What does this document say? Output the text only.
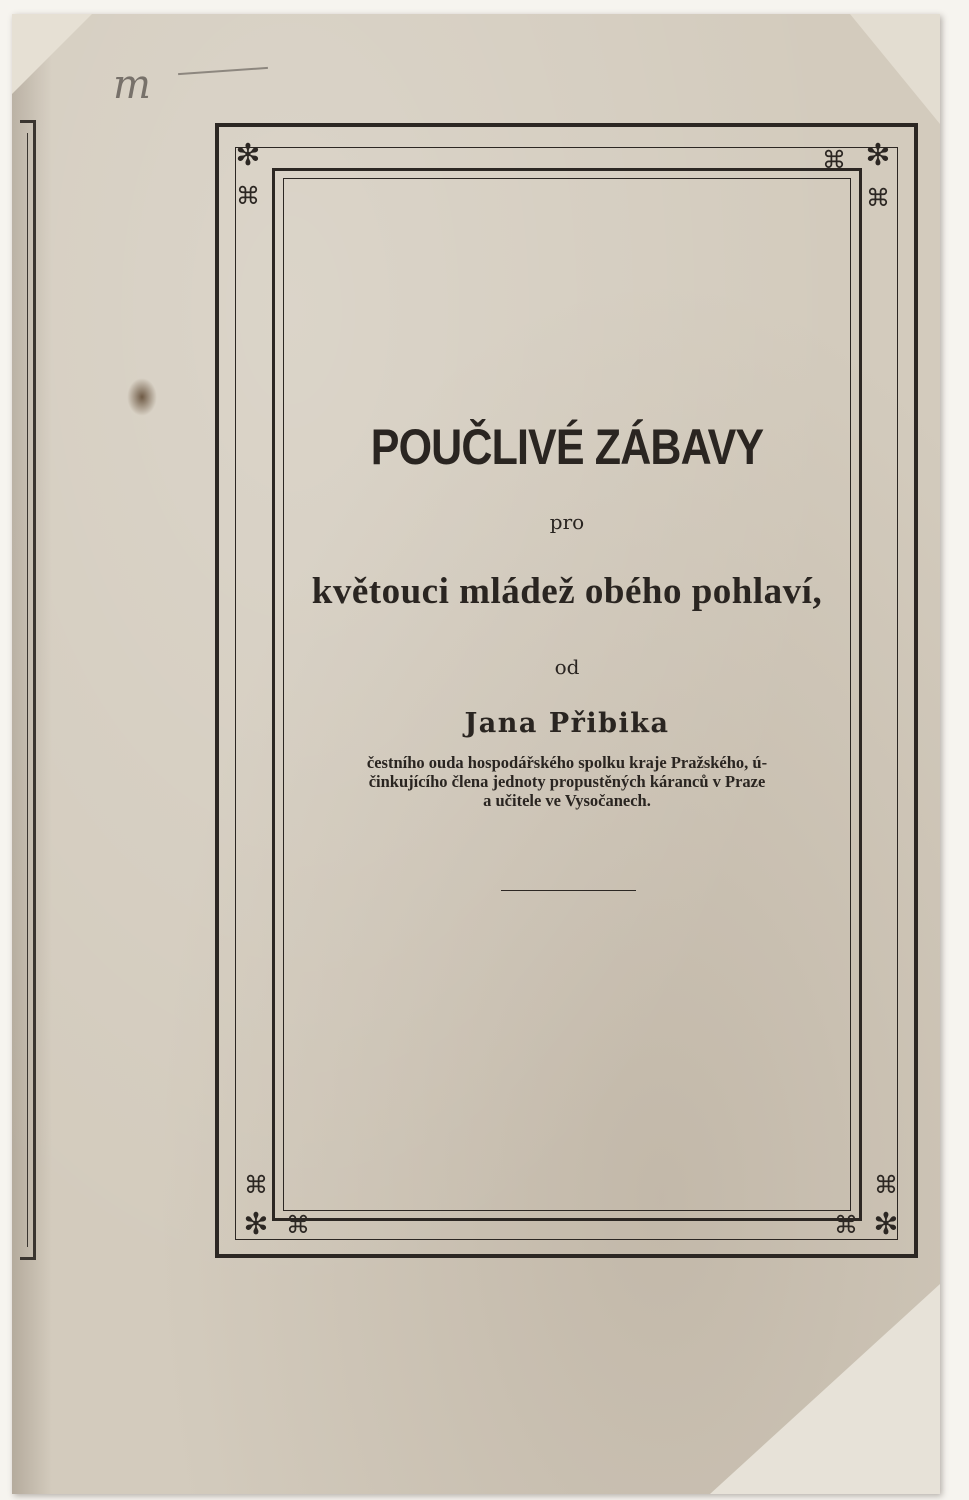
m
✻
⌘
⌘ ✻
⌘
⌘
✻ ⌘
⌘
⌘ ✻
POUČLIVÉ ZÁBAVY
pro
květouci mládež obého pohlaví,
od
Jana Přibika
čestního ouda hospodářského spolku kraje Pražského, ú-
činkujícího člena jednoty propustěných káranců v Praze
a učitele ve Vysočanech.
